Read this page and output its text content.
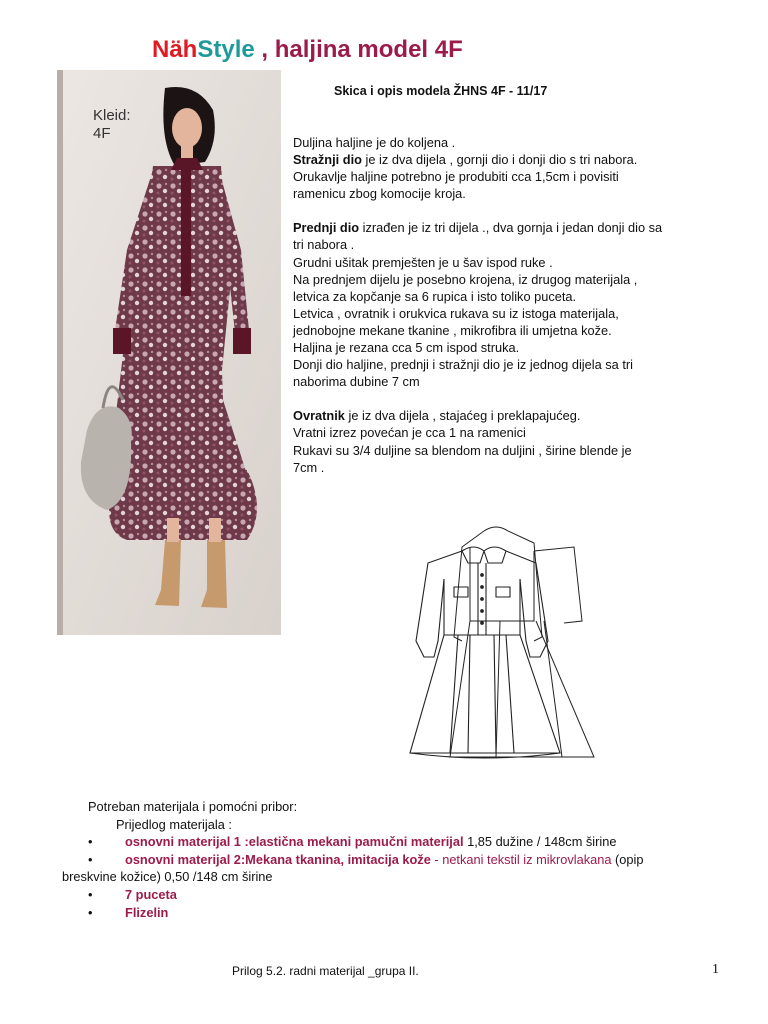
NähStyle , haljina model 4F
Kleid:
4F
Skica i opis modela ŽHNS 4F - 11/17

Duljina haljine je do koljena .

Stražnji dio je iz dva dijela , gornji dio i donji dio s tri nabora.

Orukavlje haljine potrebno je produbiti cca 1,5cm i povisiti

ramenicu zbog komocije kroja.

Prednji dio izrađen je iz tri dijela ., dva gornja i jedan donji dio sa

tri nabora .

Grudni ušitak premješten je u šav ispod ruke .

Na prednjem dijelu je posebno krojena, iz drugog materijala ,

letvica za kopčanje sa 6 rupica i isto toliko puceta.

Letvica , ovratnik i orukvica rukava su iz istoga materijala,

jednobojne mekane tkanine , mikrofibra ili umjetna kože.

Haljina je rezana cca 5 cm ispod struka.

Donji dio haljine, prednji i stražnji dio je iz jednog dijela sa tri

naborima dubine 7 cm

Ovratnik je iz dva dijela , stajaćeg i preklapajućeg.

Vratni izrez povećan je cca 1 na ramenici

Rukavi su 3/4 duljine sa blendom na duljini , širine blende je

7cm .

Potreban materijala i pomoćni pribor:
Prijedlog materijala :
•	osnovni materijal 1 :elastična mekani pamučni materijal 1,85 dužine / 148cm širine
•	osnovni materijal 2:Mekana tkanina, imitacija kože - netkani tekstil iz mikrovlakana (opip
breskvine kožice) 0,50 /148 cm širine
•	7 puceta
•	Flizelin
Prilog 5.2. radni materijal _grupa II.	1
